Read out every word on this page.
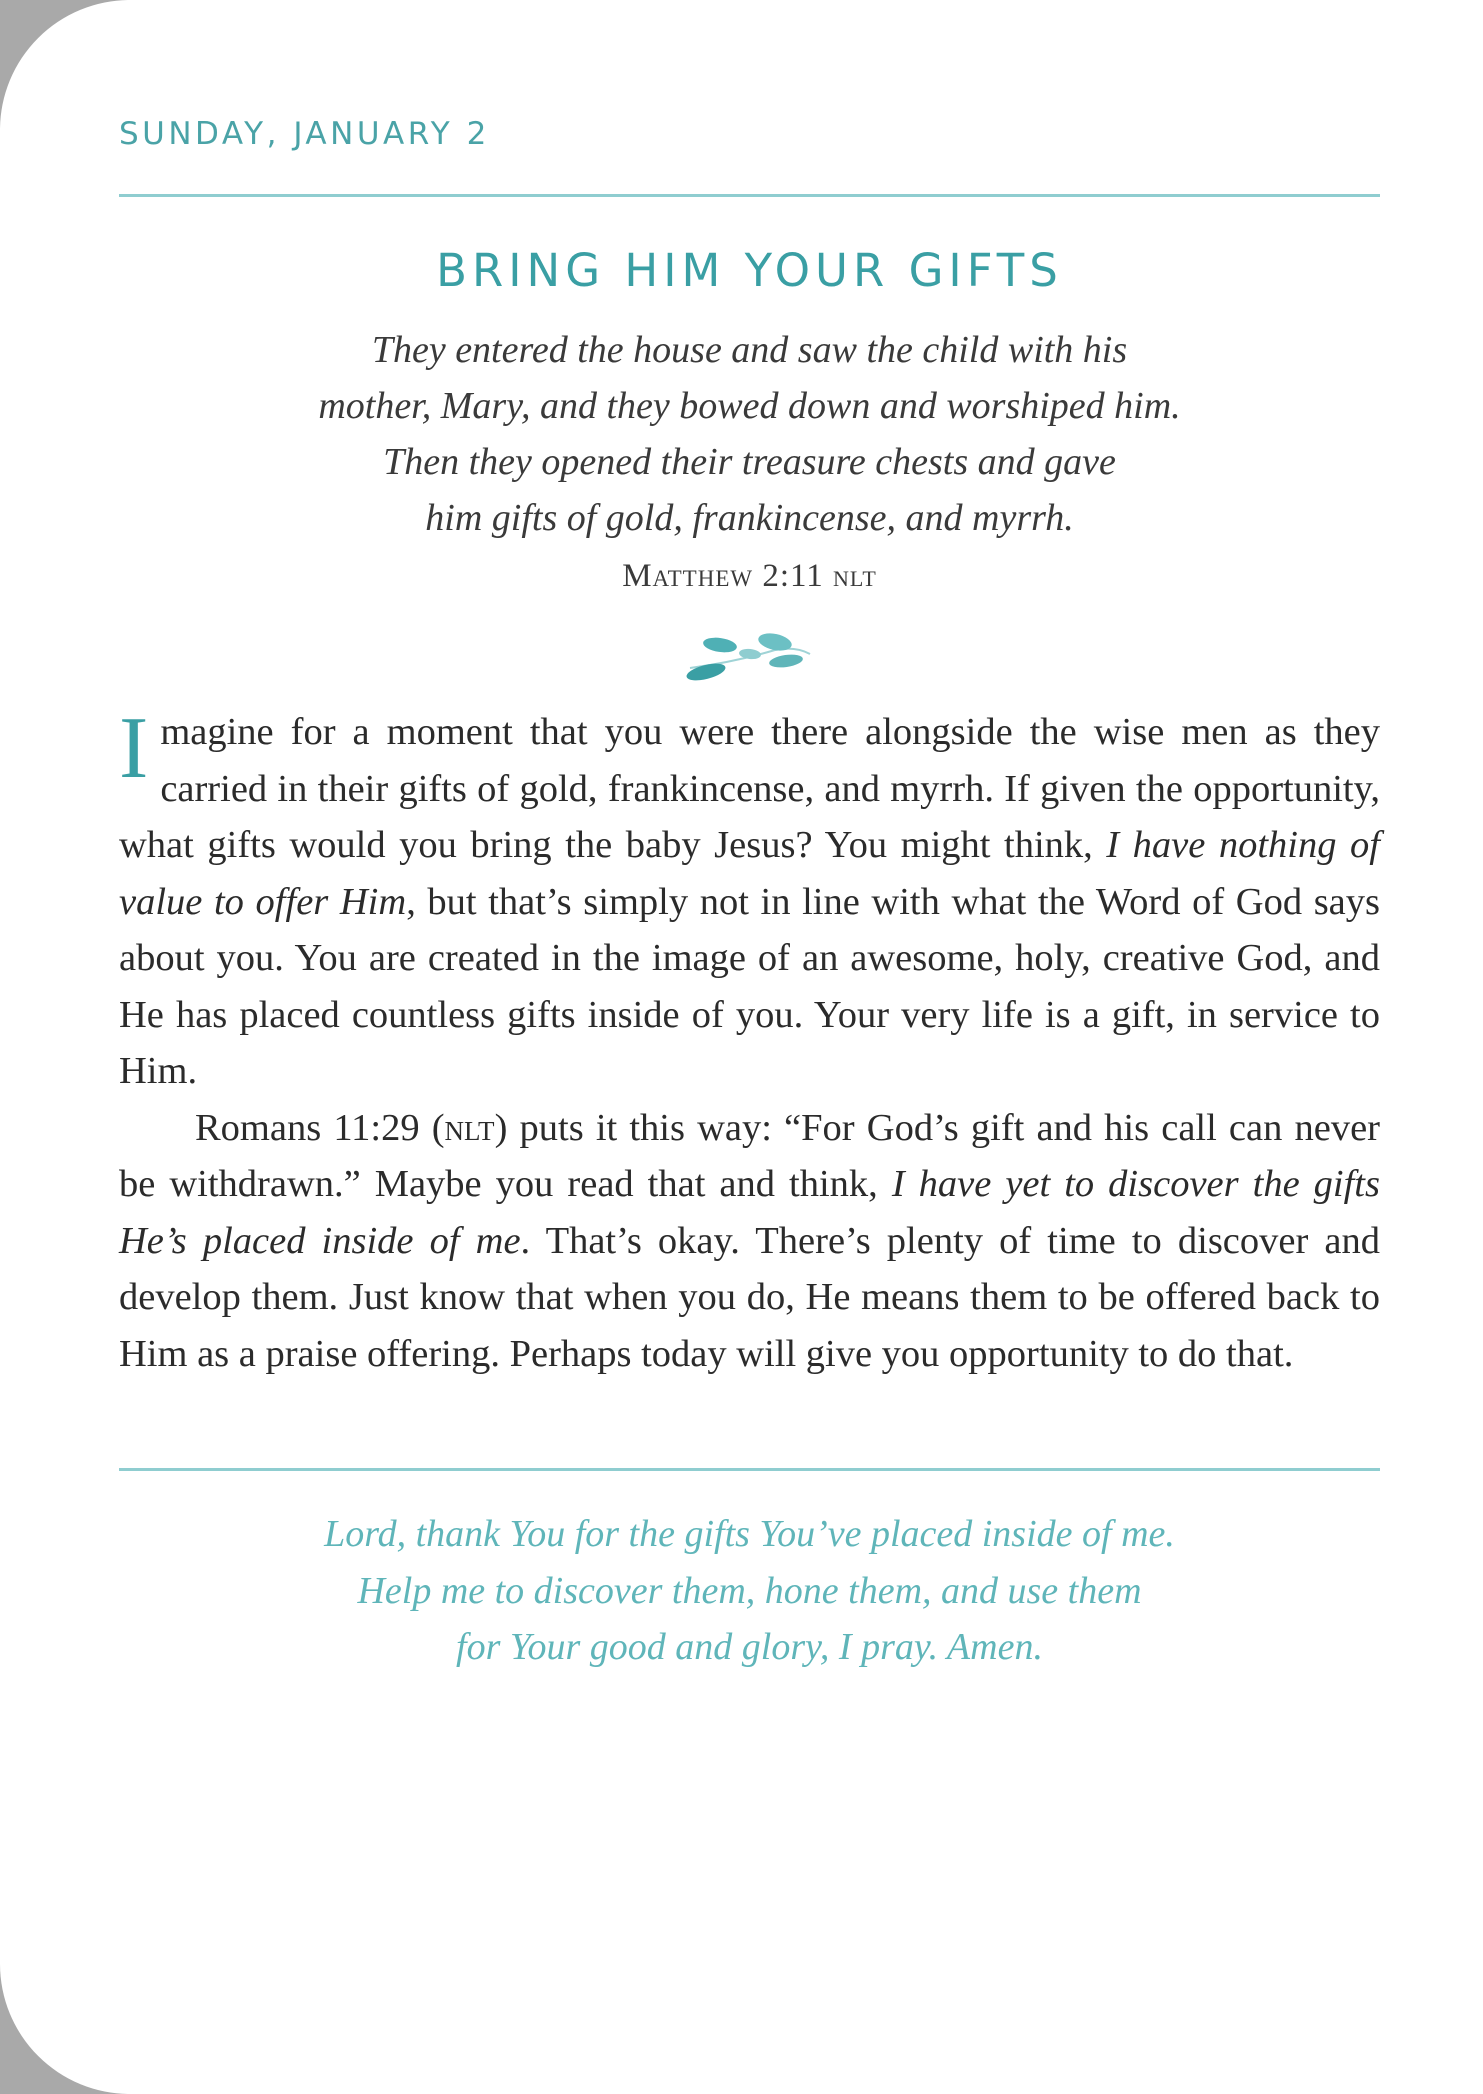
SUNDAY, JANUARY 2
BRING HIM YOUR GIFTS
They entered the house and saw the child with his
mother, Mary, and they bowed down and worshiped him.
Then they opened their treasure chests and gave
him gifts of gold, frankincense, and myrrh.
Matthew 2:11 nlt

Imagine for a moment that you were there alongside the wise men as they carried in their gifts of gold, frankincense, and myrrh. If given the opportunity, what gifts would you bring the baby Jesus? You might think, I have nothing of value to offer Him, but that’s simply not in line with what the Word of God says about you. You are created in the image of an awesome, holy, creative God, and He has placed countless gifts inside of you. Your very life is a gift, in service to Him.

Romans 11:29 (nlt) puts it this way: “For God’s gift and his call can never be withdrawn.” Maybe you read that and think, I have yet to discover the gifts He’s placed inside of me. That’s okay. There’s plenty of time to discover and develop them. Just know that when you do, He means them to be offered back to Him as a praise offering. Perhaps today will give you opportunity to do that.

Lord, thank You for the gifts You’ve placed inside of me.
Help me to discover them, hone them, and use them
for Your good and glory, I pray. Amen.
